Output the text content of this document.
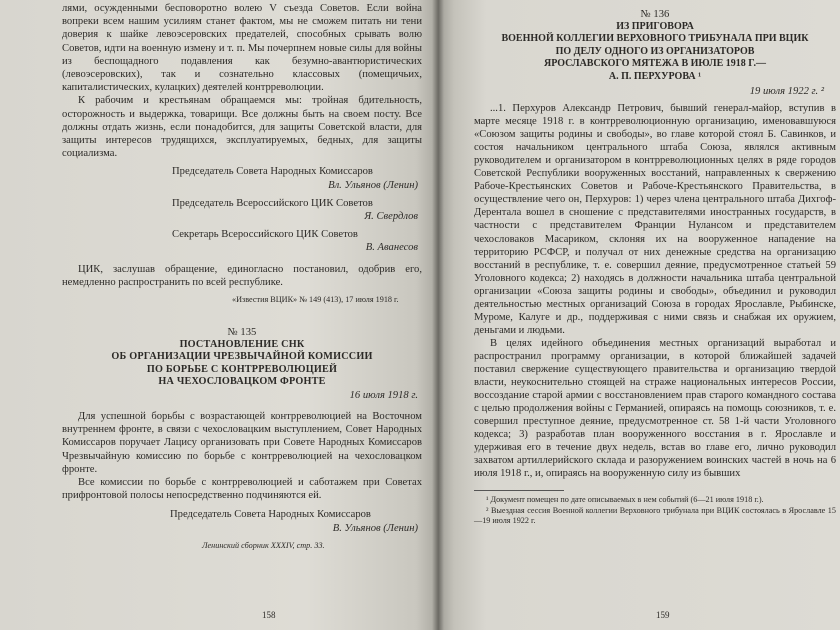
лями, осужденными бесповоротно волею V съезда Советов. Если война вопреки всем нашим усилиям станет фактом, мы не сможем питать ни тени доверия к шайке левоэсеровских предателей, способных срывать волю Советов, идти на военную измену и т. п. Мы почерпнем новые силы для войны из беспощадного подавления как безумно-авантюристических (левоэсеровских), так и сознательно классовых (помещичьих, капиталистических, кулацких) деятелей контрреволюции.

К рабочим и крестьянам обращаемся мы: тройная бдительность, осторожность и выдержка, товарищи. Все должны быть на своем посту. Все должны отдать жизнь, если понадобится, для защиты Советской власти, для защиты интересов трудящихся, эксплуатируемых, бедных, для защиты социализма.

Председатель Совета Народных Комиссаров
Вл. Ульянов (Ленин)
Председатель Всероссийского ЦИК Советов
Я. Свердлов
Секретарь Всероссийского ЦИК Советов
В. Аванесов

ЦИК, заслушав обращение, единогласно постановил, одобрив его, немедленно распространить по всей республике.

«Известия ВЦИК» № 149 (413), 17 июля 1918 г.
№ 135
ПОСТАНОВЛЕНИЕ СНК
ОБ ОРГАНИЗАЦИИ ЧРЕЗВЫЧАЙНОЙ КОМИССИИ
ПО БОРЬБЕ С КОНТРРЕВОЛЮЦИЕЙ
НА ЧЕХОСЛОВАЦКОМ ФРОНТЕ
16 июля 1918 г.

Для успешной борьбы с возрастающей контрреволюцией на Восточном внутреннем фронте, в связи с чехословацким выступлением, Совет Народных Комиссаров поручает Лацису организовать при Совете Народных Комиссаров Чрезвычайную комиссию по борьбе с контрреволюцией на чехословацком фронте.

Все комиссии по борьбе с контрреволюцией и саботажем при Советах прифронтовой полосы непосредственно подчиняются ей.

Председатель Совета Народных Комиссаров
В. Ульянов (Ленин)
Ленинский сборник XXXIV, стр. 33.
158
№ 136
ИЗ ПРИГОВОРА
ВОЕННОЙ КОЛЛЕГИИ ВЕРХОВНОГО ТРИБУНАЛА ПРИ ВЦИК
ПО ДЕЛУ ОДНОГО ИЗ ОРГАНИЗАТОРОВ
ЯРОСЛАВСКОГО МЯТЕЖА В ИЮЛЕ 1918 Г.—
А. П. ПЕРХУРОВА ¹
19 июля 1922 г. ²

...1. Перхуров Александр Петрович, бывший генерал-майор, вступив в марте месяце 1918 г. в контрреволюционную организацию, именовавшуюся «Союзом защиты родины и свободы», во главе которой стоял Б. Савинков, и состоя начальником центрального штаба Союза, являлся активным руководителем и организатором в контрреволюционных целях в ряде городов Советской Республики вооруженных восстаний, направленных к свержению Рабоче-Крестьянских Советов и Рабоче-Крестьянского Правительства, в осуществление чего он, Перхуров: 1) через члена центрального штаба Дихгоф-Дерентала вошел в сношение с представителями иностранных государств, в частности с представителем Франции Нулансом и представителем чехословаков Масариком, склоняя их на вооруженное нападение на территорию РСФСР, и получал от них денежные средства на организацию восстаний в республике, т. е. совершил деяние, предусмотренное статьей 59 Уголовного кодекса; 2) находясь в должности начальника штаба центральной организации «Союза защиты родины и свободы», объединил и руководил деятельностью местных организаций Союза в городах Ярославле, Рыбинске, Муроме, Калуге и др., поддерживая с ними связь и снабжая их оружием, деньгами и людьми.

В целях идейного объединения местных организаций выработал и распространил программу организации, в которой ближайшей задачей поставил свержение существующего правительства и организацию твердой власти, неукоснительно стоящей на страже национальных интересов России, воссоздание старой армии с восстановлением прав старого командного состава с целью продолжения войны с Германией, опираясь на помощь союзников, т. е. совершил преступное деяние, предусмотренное ст. 58 1-й части Уголовного кодекса; 3) разработав план вооруженного восстания в г. Ярославле и удерживая его в течение двух недель, встав во главе его, лично руководил захватом артиллерийского склада и разоружением воинских частей в ночь на 6 июля 1918 г., и, опираясь на вооруженную силу из бывших

¹ Документ помещен по дате описываемых в нем событий (6—21 июля 1918 г.).
² Выездная сессия Военной коллегии Верховного трибунала при ВЦИК состоялась в Ярославле 15—19 июля 1922 г.
159
